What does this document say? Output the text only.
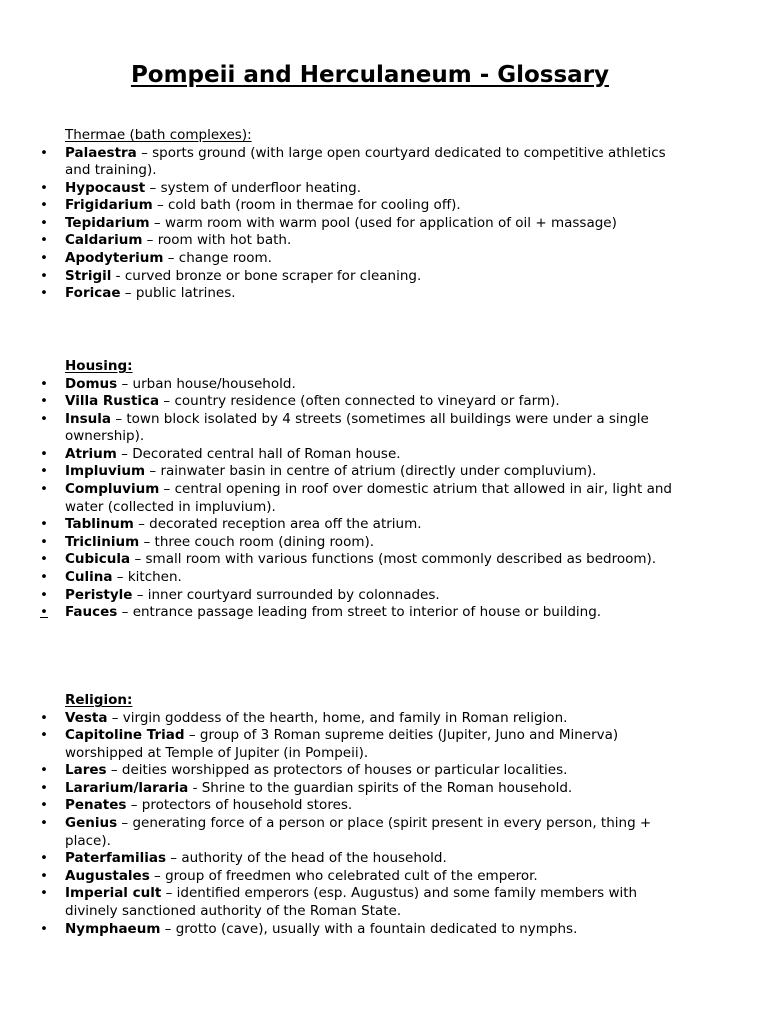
Pompeii and Herculaneum - Glossary

Thermae (bath complexes):

• Palaestra – sports ground (with large open courtyard dedicated to competitive athletics and training).
• Hypocaust – system of underfloor heating.
• Frigidarium – cold bath (room in thermae for cooling off).
• Tepidarium – warm room with warm pool (used for application of oil + massage)
• Caldarium – room with hot bath.
• Apodyterium – change room.
• Strigil - curved bronze or bone scraper for cleaning.
• Foricae – public latrines.

Housing:

• Domus – urban house/household.
• Villa Rustica – country residence (often connected to vineyard or farm).
• Insula – town block isolated by 4 streets (sometimes all buildings were under a single ownership).
• Atrium – Decorated central hall of Roman house.
• Impluvium – rainwater basin in centre of atrium (directly under compluvium).
• Compluvium – central opening in roof over domestic atrium that allowed in air, light and water (collected in impluvium).
• Tablinum – decorated reception area off the atrium.
• Triclinium – three couch room (dining room).
• Cubicula – small room with various functions (most commonly described as bedroom).
• Culina – kitchen.
• Peristyle – inner courtyard surrounded by colonnades.
• Fauces – entrance passage leading from street to interior of house or building.

Religion:

• Vesta – virgin goddess of the hearth, home, and family in Roman religion.
• Capitoline Triad – group of 3 Roman supreme deities (Jupiter, Juno and Minerva) worshipped at Temple of Jupiter (in Pompeii).
• Lares – deities worshipped as protectors of houses or particular localities.
• Lararium/lararia - Shrine to the guardian spirits of the Roman household.
• Penates – protectors of household stores.
• Genius – generating force of a person or place (spirit present in every person, thing + place).
• Paterfamilias – authority of the head of the household.
• Augustales – group of freedmen who celebrated cult of the emperor.
• Imperial cult – identified emperors (esp. Augustus) and some family members with divinely sanctioned authority of the Roman State.
• Nymphaeum – grotto (cave), usually with a fountain dedicated to nymphs.
